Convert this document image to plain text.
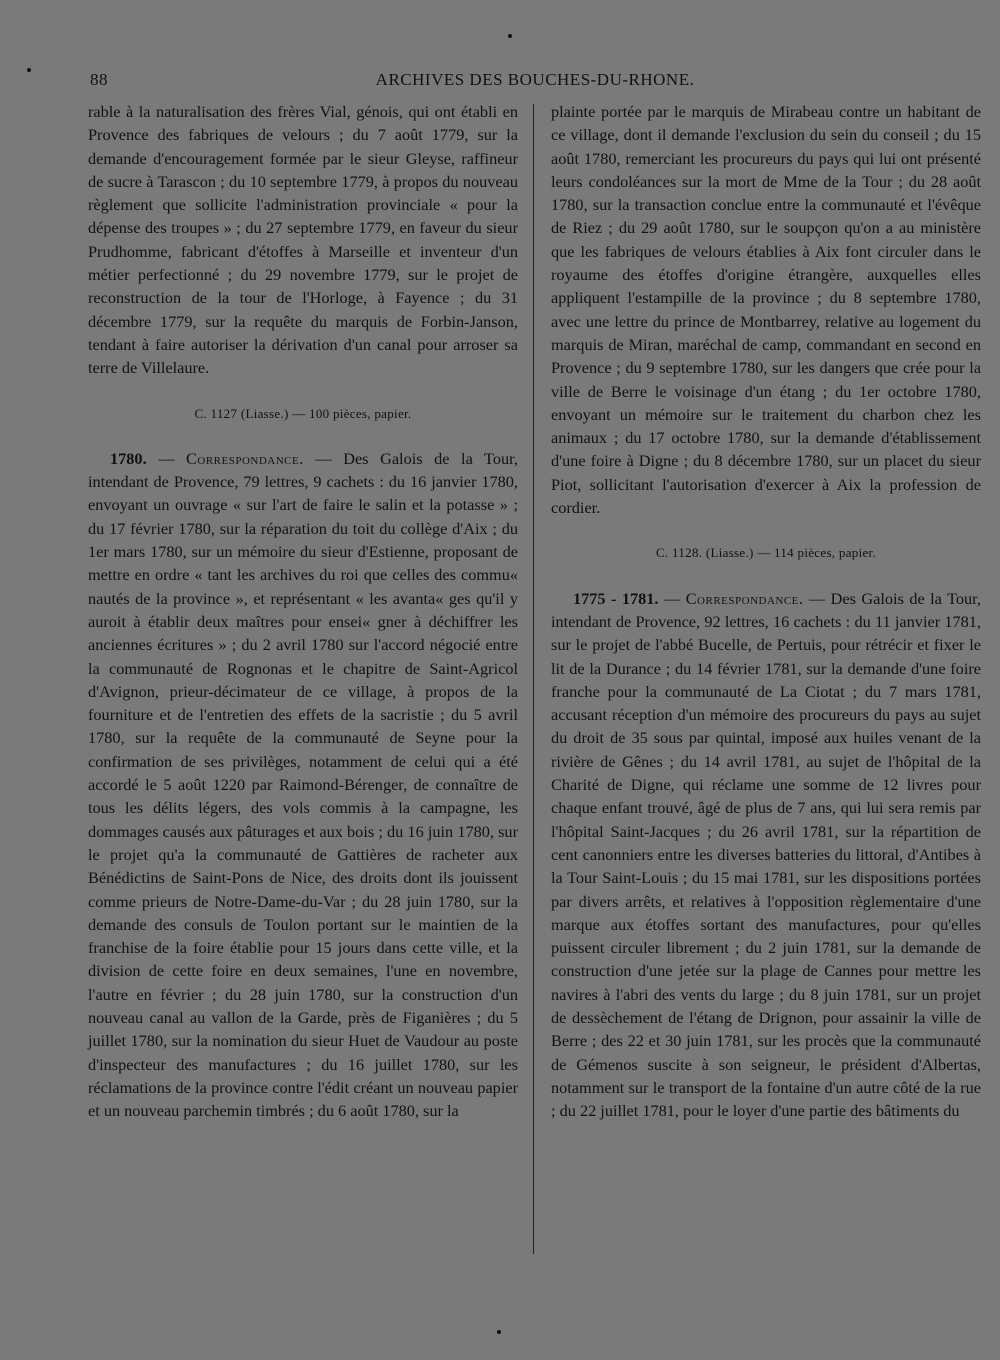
88	ARCHIVES DES BOUCHES-DU-RHONE.

rable à la naturalisation des frères Vial, génois, qui ont établi en Provence des fabriques de velours ; du 7 août 1779, sur la demande d'encouragement formée par le sieur Gleyse, raffineur de sucre à Tarascon ; du 10 septembre 1779, à propos du nouveau règlement que sollicite l'administration provinciale « pour la dépense des troupes » ; du 27 septembre 1779, en faveur du sieur Prudhomme, fabricant d'étoffes à Marseille et inventeur d'un métier perfectionné ; du 29 novembre 1779, sur le projet de reconstruction de la tour de l'Horloge, à Fayence ; du 31 décembre 1779, sur la requête du marquis de Forbin-Janson, tendant à faire autoriser la dérivation d'un canal pour arroser sa terre de Villelaure.

C. 1127 (Liasse.) — 100 pièces, papier.

1780. — Correspondance. — Des Galois de la Tour, intendant de Provence, 79 lettres, 9 cachets : du 16 janvier 1780, envoyant un ouvrage « sur l'art de faire le salin et la potasse » ; du 17 février 1780, sur la réparation du toit du collège d'Aix ; du 1er mars 1780, sur un mémoire du sieur d'Estienne, proposant de mettre en ordre « tant les archives du roi que celles des commu« nautés de la province », et représentant « les avanta« ges qu'il y auroit à établir deux maîtres pour ensei« gner à déchiffrer les anciennes écritures » ; du 2 avril 1780 sur l'accord négocié entre la communauté de Rognonas et le chapitre de Saint-Agricol d'Avignon, prieur-décimateur de ce village, à propos de la fourniture et de l'entretien des effets de la sacristie ; du 5 avril 1780, sur la requête de la communauté de Seyne pour la confirmation de ses privilèges, notamment de celui qui a été accordé le 5 août 1220 par Raimond-Bérenger, de connaître de tous les délits légers, des vols commis à la campagne, les dommages causés aux pâturages et aux bois ; du 16 juin 1780, sur le projet qu'a la communauté de Gattières de racheter aux Bénédictins de Saint-Pons de Nice, des droits dont ils jouissent comme prieurs de Notre-Dame-du-Var ; du 28 juin 1780, sur la demande des consuls de Toulon portant sur le maintien de la franchise de la foire établie pour 15 jours dans cette ville, et la division de cette foire en deux semaines, l'une en novembre, l'autre en février ; du 28 juin 1780, sur la construction d'un nouveau canal au vallon de la Garde, près de Figanières ; du 5 juillet 1780, sur la nomination du sieur Huet de Vaudour au poste d'inspecteur des manufactures ; du 16 juillet 1780, sur les réclamations de la province contre l'édit créant un nouveau papier et un nouveau parchemin timbrés ; du 6 août 1780, sur la

plainte portée par le marquis de Mirabeau contre un habitant de ce village, dont il demande l'exclusion du sein du conseil ; du 15 août 1780, remerciant les procureurs du pays qui lui ont présenté leurs condoléances sur la mort de Mme de la Tour ; du 28 août 1780, sur la transaction conclue entre la communauté et l'évêque de Riez ; du 29 août 1780, sur le soupçon qu'on a au ministère que les fabriques de velours établies à Aix font circuler dans le royaume des étoffes d'origine étrangère, auxquelles elles appliquent l'estampille de la province ; du 8 septembre 1780, avec une lettre du prince de Montbarrey, relative au logement du marquis de Miran, maréchal de camp, commandant en second en Provence ; du 9 septembre 1780, sur les dangers que crée pour la ville de Berre le voisinage d'un étang ; du 1er octobre 1780, envoyant un mémoire sur le traitement du charbon chez les animaux ; du 17 octobre 1780, sur la demande d'établissement d'une foire à Digne ; du 8 décembre 1780, sur un placet du sieur Piot, sollicitant l'autorisation d'exercer à Aix la profession de cordier.

C. 1128. (Liasse.) — 114 pièces, papier.

1775 - 1781. — Correspondance. — Des Galois de la Tour, intendant de Provence, 92 lettres, 16 cachets : du 11 janvier 1781, sur le projet de l'abbé Bucelle, de Pertuis, pour rétrécir et fixer le lit de la Durance ; du 14 février 1781, sur la demande d'une foire franche pour la communauté de La Ciotat ; du 7 mars 1781, accusant réception d'un mémoire des procureurs du pays au sujet du droit de 35 sous par quintal, imposé aux huiles venant de la rivière de Gênes ; du 14 avril 1781, au sujet de l'hôpital de la Charité de Digne, qui réclame une somme de 12 livres pour chaque enfant trouvé, âgé de plus de 7 ans, qui lui sera remis par l'hôpital Saint-Jacques ; du 26 avril 1781, sur la répartition de cent canonniers entre les diverses batteries du littoral, d'Antibes à la Tour Saint-Louis ; du 15 mai 1781, sur les dispositions portées par divers arrêts, et relatives à l'opposition règlementaire d'une marque aux étoffes sortant des manufactures, pour qu'elles puissent circuler librement ; du 2 juin 1781, sur la demande de construction d'une jetée sur la plage de Cannes pour mettre les navires à l'abri des vents du large ; du 8 juin 1781, sur un projet de dessèchement de l'étang de Drignon, pour assainir la ville de Berre ; des 22 et 30 juin 1781, sur les procès que la communauté de Gémenos suscite à son seigneur, le président d'Albertas, notamment sur le transport de la fontaine d'un autre côté de la rue ; du 22 juillet 1781, pour le loyer d'une partie des bâtiments du
